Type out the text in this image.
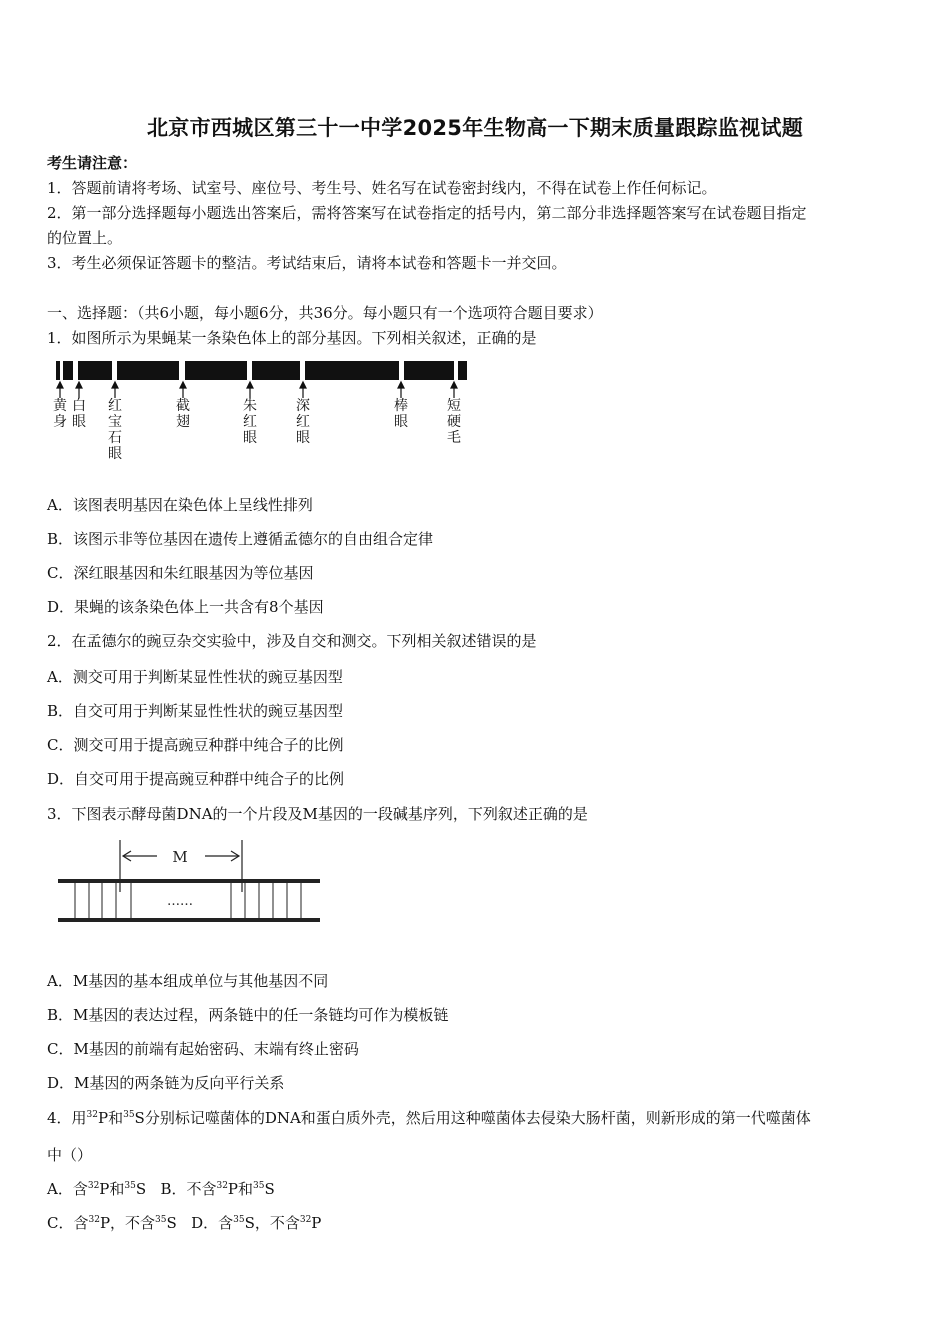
北京市西城区第三十一中学2025年生物高一下期末质量跟踪监视试题
考生请注意：
1．答题前请将考场、试室号、座位号、考生号、姓名写在试卷密封线内，不得在试卷上作任何标记。
2．第一部分选择题每小题选出答案后，需将答案写在试卷指定的括号内，第二部分非选择题答案写在试卷题目指定
的位置上。
3．考生必须保证答题卡的整洁。考试结束后，请将本试卷和答题卡一并交回。
一、选择题：（共6小题，每小题6分，共36分。每小题只有一个选项符合题目要求）
1．如图所示为果蝇某一条染色体上的部分基因。下列相关叙述，正确的是
黄
身
白
眼
红
宝
石
眼
截
翅
朱
红
眼
深
红
眼
棒
眼
短
硬
毛
A．该图表明基因在染色体上呈线性排列
B．该图示非等位基因在遗传上遵循孟德尔的自由组合定律
C．深红眼基因和朱红眼基因为等位基因
D．果蝇的该条染色体上一共含有8个基因
2．在孟德尔的豌豆杂交实验中，涉及自交和测交。下列相关叙述错误的是
A．测交可用于判断某显性性状的豌豆基因型
B．自交可用于判断某显性性状的豌豆基因型
C．测交可用于提高豌豆种群中纯合子的比例
D．自交可用于提高豌豆种群中纯合子的比例
3．下图表示酵母菌DNA的一个片段及M基因的一段碱基序列，下列叙述正确的是
M
……
A．M基因的基本组成单位与其他基因不同
B．M基因的表达过程，两条链中的任一条链均可作为模板链
C．M基因的前端有起始密码、末端有终止密码
D．M基因的两条链为反向平行关系
4．用$^{32}$P和$^{35}$S分别标记噬菌体的DNA和蛋白质外壳，然后用这种噬菌体去侵染大肠杆菌，则新形成的第一代噬菌体
中（）
A．含$^{32}$P和$^{35}$S B．不含$^{32}$P和$^{35}$S
C．含$^{32}$P，不含$^{35}$S D．含$^{35}$S，不含$^{32}$P
